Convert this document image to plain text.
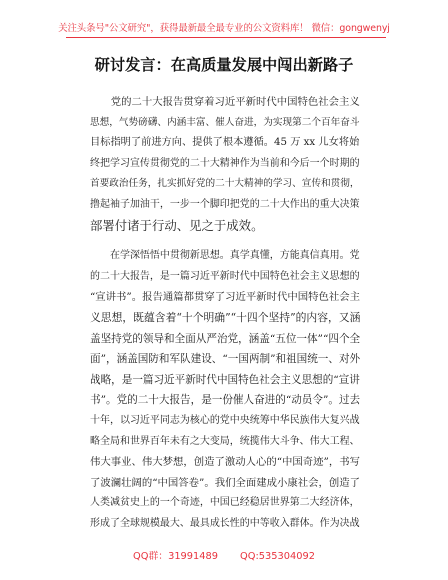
关注头条号"公文研究"，获得最新最全最专业的公文资料库！ 微信：gongwenyj
研讨发言：在高质量发展中闯出新路子
　　党的二十大报告贯穿着习近平新时代中国特色社会主义
思想，气势磅礴、内涵丰富、催人奋进，为实现第二个百年奋斗
目标指明了前进方向、提供了根本遵循。45 万 xx 儿女将始
终把学习宣传贯彻党的二十大精神作为当前和今后一个时期的
首要政治任务，扎实抓好党的二十大精神的学习、宣传和贯彻，
撸起袖子加油干，一步一个脚印把党的二十大作出的重大决策
部署付诸于行动、见之于成效。
　　在学深悟悟中贯彻新思想。真学真懂，方能真信真用。党
的二十大报告，是一篇习近平新时代中国特色社会主义思想的
“宣讲书”。报告通篇都贯穿了习近平新时代中国特色社会主
义思想，既蕴含着“十个明确”“十四个坚持”的内容，又涵
盖坚持党的领导和全面从严治党，涵盖“五位一体”“四个全
面”，涵盖国防和军队建设、“一国两制”和祖国统一、对外
战略，是一篇习近平新时代中国特色社会主义思想的“宣讲
书”。党的二十大报告，是一份催人奋进的“动员令”。过去
十年，以习近平同志为核心的党中央统筹中华民族伟大复兴战
略全局和世界百年未有之大变局，统揽伟大斗争、伟大工程、
伟大事业、伟大梦想，创造了激动人心的“中国奇迹”，书写
了波澜壮阔的“中国答卷”。我们全面建成小康社会，创造了
人类减贫史上的一个奇迹，中国已经稳居世界第二大经济体，
形成了全球规模最大、最具成长性的中等收入群体。作为决战
QQ群：31991489 QQ:535304092
